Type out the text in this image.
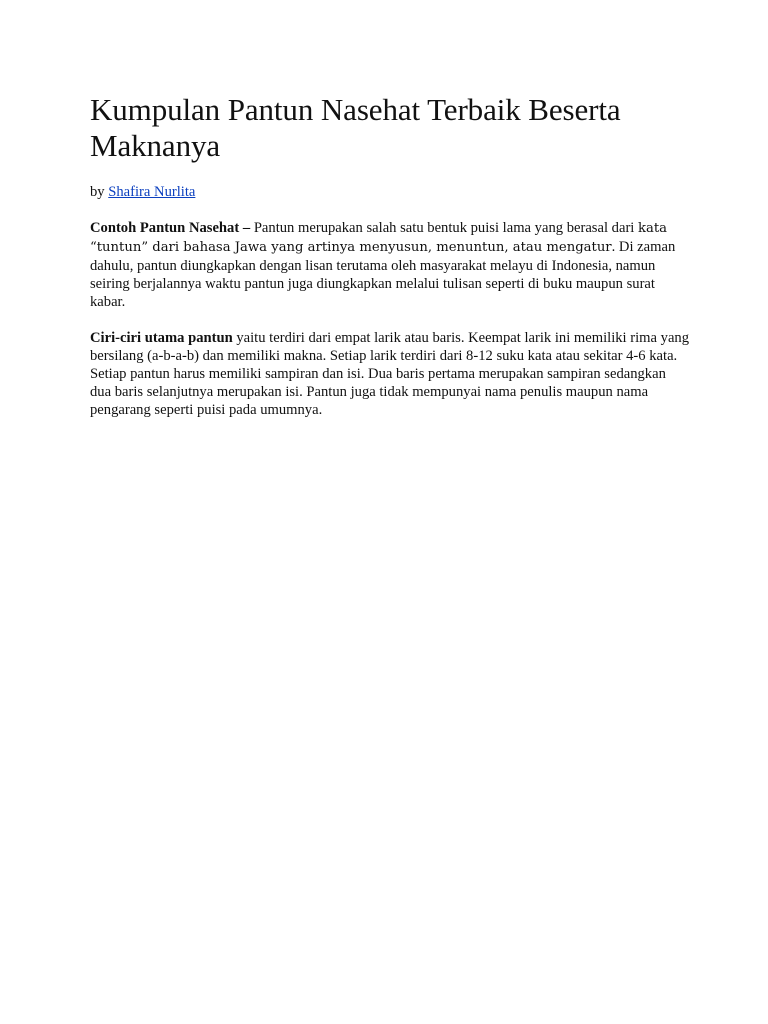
Kumpulan Pantun Nasehat Terbaik Beserta Maknanya
by Shafira Nurlita
Contoh Pantun Nasehat – Pantun merupakan salah satu bentuk puisi lama yang berasal dari kata “tuntun” dari bahasa Jawa yang artinya menyusun, menuntun, atau mengatur. Di zaman dahulu, pantun diungkapkan dengan lisan terutama oleh masyarakat melayu di Indonesia, namun seiring berjalannya waktu pantun juga diungkapkan melalui tulisan seperti di buku maupun surat kabar.
Ciri-ciri utama pantun yaitu terdiri dari empat larik atau baris. Keempat larik ini memiliki rima yang bersilang (a-b-a-b) dan memiliki makna. Setiap larik terdiri dari 8-12 suku kata atau sekitar 4-6 kata. Setiap pantun harus memiliki sampiran dan isi. Dua baris pertama merupakan sampiran sedangkan dua baris selanjutnya merupakan isi. Pantun juga tidak mempunyai nama penulis maupun nama pengarang seperti puisi pada umumnya.
